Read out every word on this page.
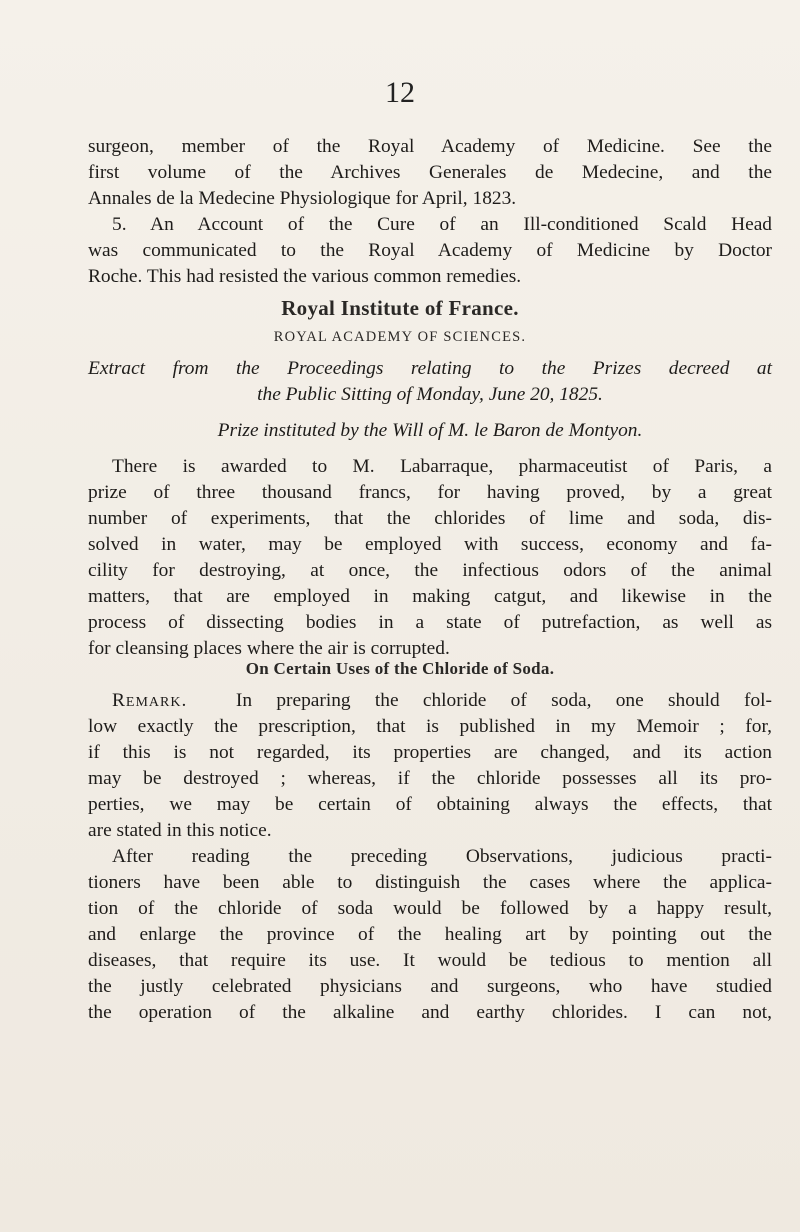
12
surgeon, member of the Royal Academy of Medicine. See the
first volume of the Archives Generales de Medecine, and the
Annales de la Medecine Physiologique for April, 1823.
5. An Account of the Cure of an Ill-conditioned Scald Head
was communicated to the Royal Academy of Medicine by Doctor
Roche. This had resisted the various common remedies.
Royal Institute of France.
ROYAL ACADEMY OF SCIENCES.
Extract from the Proceedings relating to the Prizes decreed at
the Public Sitting of Monday, June 20, 1825.
Prize instituted by the Will of M. le Baron de Montyon.
There is awarded to M. Labarraque, pharmaceutist of Paris, a
prize of three thousand francs, for having proved, by a great
number of experiments, that the chlorides of lime and soda, dis-
solved in water, may be employed with success, economy and fa-
cility for destroying, at once, the infectious odors of the animal
matters, that are employed in making catgut, and likewise in the
process of dissecting bodies in a state of putrefaction, as well as
for cleansing places where the air is corrupted.
On Certain Uses of the Chloride of Soda.
Remark.	In preparing the chloride of soda, one should fol-
low exactly the prescription, that is published in my Memoir ; for,
if this is not regarded, its properties are changed, and its action
may be destroyed ; whereas, if the chloride possesses all its pro-
perties, we may be certain of obtaining always the effects, that
are stated in this notice.
After reading the preceding Observations, judicious practi-
tioners have been able to distinguish the cases where the applica-
tion of the chloride of soda would be followed by a happy result,
and enlarge the province of the healing art by pointing out the
diseases, that require its use. It would be tedious to mention all
the justly celebrated physicians and surgeons, who have studied
the operation of the alkaline and earthy chlorides. I can not,
